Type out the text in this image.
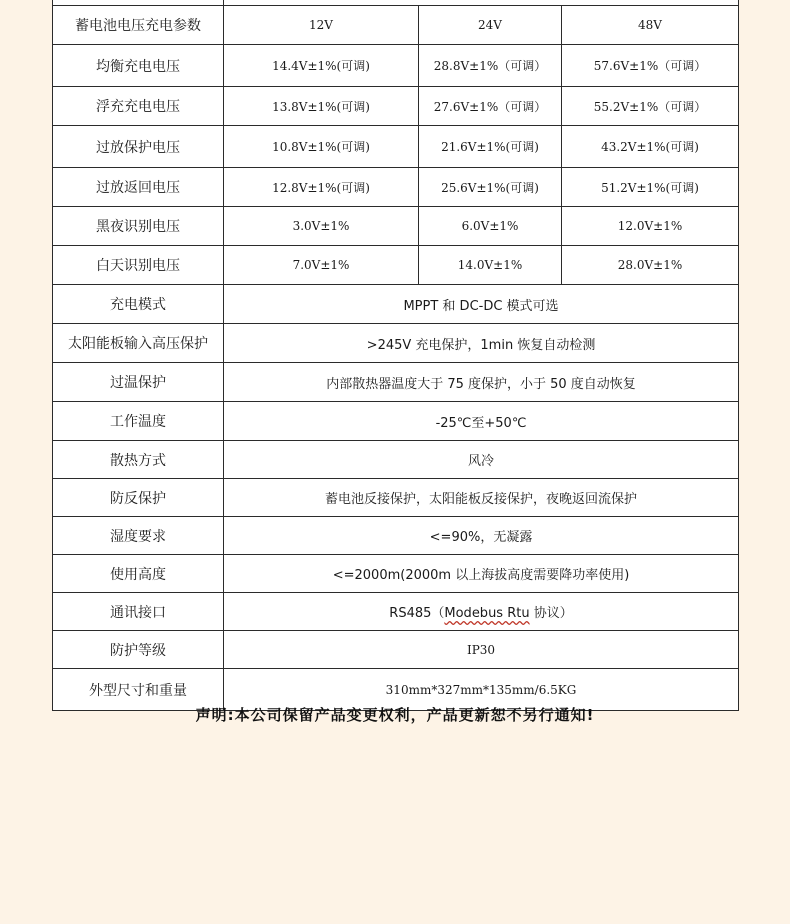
蓄电池电压充电参数	12V	24V	48V
均衡充电电压	14.4V±1%(可调)	28.8V±1%（可调）	57.6V±1%（可调）
浮充充电电压	13.8V±1%(可调)	27.6V±1%（可调）	55.2V±1%（可调）
过放保护电压	10.8V±1%(可调)	21.6V±1%(可调)	43.2V±1%(可调)
过放返回电压	12.8V±1%(可调)	25.6V±1%(可调)	51.2V±1%(可调)
黑夜识别电压	3.0V±1%	6.0V±1%	12.0V±1%
白天识别电压	7.0V±1%	14.0V±1%	28.0V±1%
充电模式	MPPT 和 DC-DC 模式可选		
太阳能板输入高压保护	>245V 充电保护，1min 恢复自动检测		
过温保护	内部散热器温度大于 75 度保护，小于 50 度自动恢复		
工作温度	-25℃至+50℃		
散热方式	风冷		
防反保护	蓄电池反接保护，太阳能板反接保护，夜晚返回流保护		
湿度要求	<=90%，无凝露		
使用高度	<=2000m(2000m 以上海拔高度需要降功率使用)		
通讯接口	RS485（Modebus Rtu 协议）		
防护等级	IP30		
外型尺寸和重量	310mm*327mm*135mm/6.5KG		
声明:本公司保留产品变更权利，产品更新恕不另行通知!
